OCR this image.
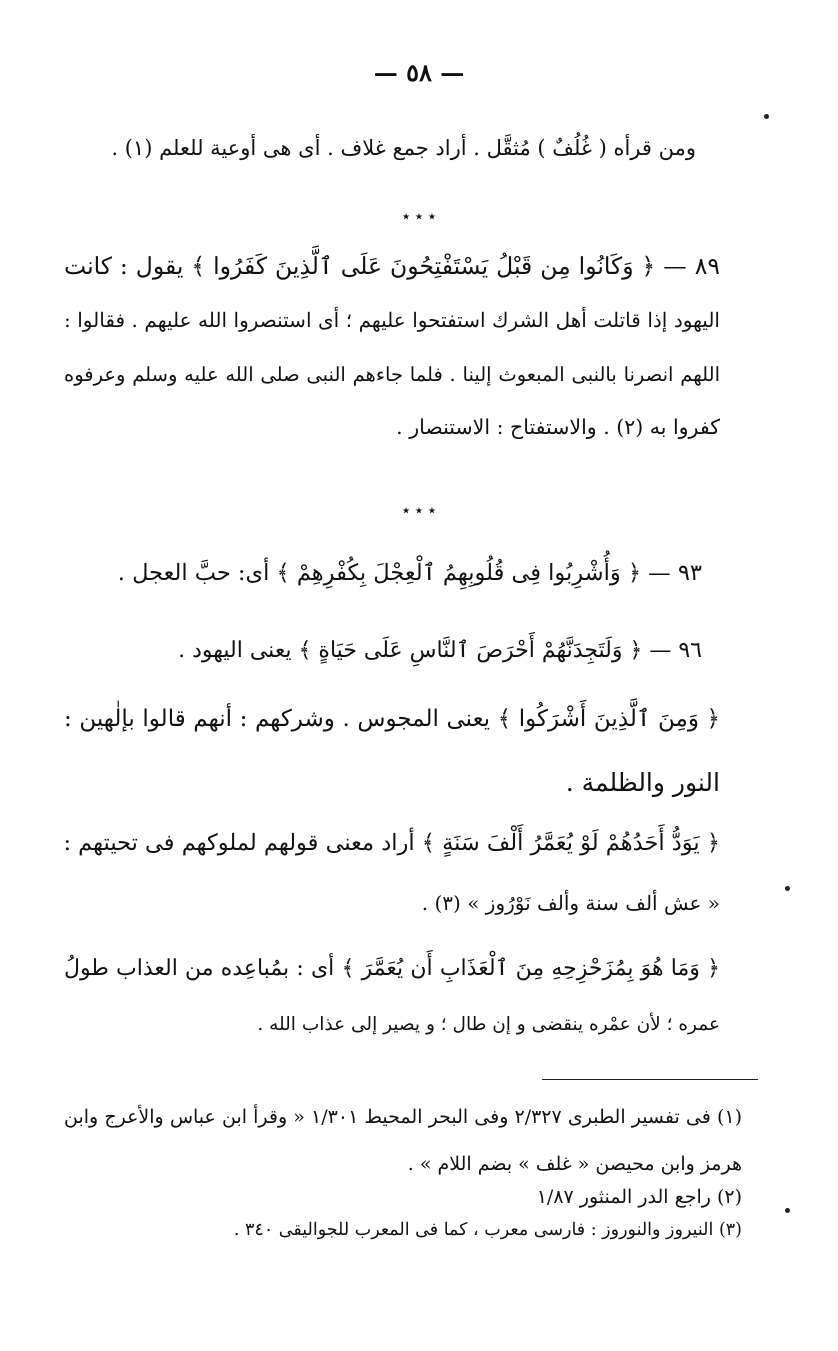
— ٥٨ —
ومن قرأه ( غُلُفٌ ) مُثقَّل . أراد جمع غلاف . أى هى أوعية للعلم (١) .
٭ ٭ ٭
٨٩ — ﴿ وَكَانُوا مِن قَبْلُ يَسْتَفْتِحُونَ عَلَى ٱلَّذِينَ كَفَرُوا ﴾ يقول : كانت
اليهود إذا قاتلت أهل الشرك استفتحوا عليهم ؛ أى استنصروا الله عليهم . فقالوا :
اللهم انصرنا بالنبى المبعوث إلينا . فلما جاءهم النبى صلى الله عليه وسلم وعرفوه
كفروا به (٢) . والاستفتاح : الاستنصار .
٭ ٭ ٭
٩٣ — ﴿ وَأُشْرِبُوا فِى قُلُوبِهِمُ ٱلْعِجْلَ بِكُفْرِهِمْ ﴾ أى: حبَّ العجل .
٩٦ — ﴿ وَلَتَجِدَنَّهُمْ أَحْرَصَ ٱلنَّاسِ عَلَى حَيَاةٍ ﴾ يعنى اليهود .
﴿ وَمِنَ ٱلَّذِينَ أَشْرَكُوا ﴾ يعنى المجوس . وشركهم : أنهم قالوا بإلٰهين :
النور والظلمة .
﴿ يَوَدُّ أَحَدُهُمْ لَوْ يُعَمَّرُ أَلْفَ سَنَةٍ ﴾ أراد معنى قولهم لملوكهم فى تحيتهم :
« عش ألف سنة وألف نَوْرُوز » (٣) .
﴿ وَمَا هُوَ بِمُزَحْزِحِهِ مِنَ ٱلْعَذَابِ أَن يُعَمَّرَ ﴾ أى : بمُباعِده من العذاب طولُ
عمره ؛ لأن عمْره ينقضى و إن طال ؛ و يصير إلى عذاب الله .
(١) فى تفسير الطبرى ٢/٣٢٧ وفى البحر المحيط ١/٣٠١ « وقرأ ابن عباس والأعرج وابن
هرمز وابن محيصن « غلف » بضم اللام » .
(٢) راجع الدر المنثور ١/٨٧
(٣) النيروز والنوروز : فارسى معرب ، كما فى المعرب للجواليقى ٣٤٠ .
